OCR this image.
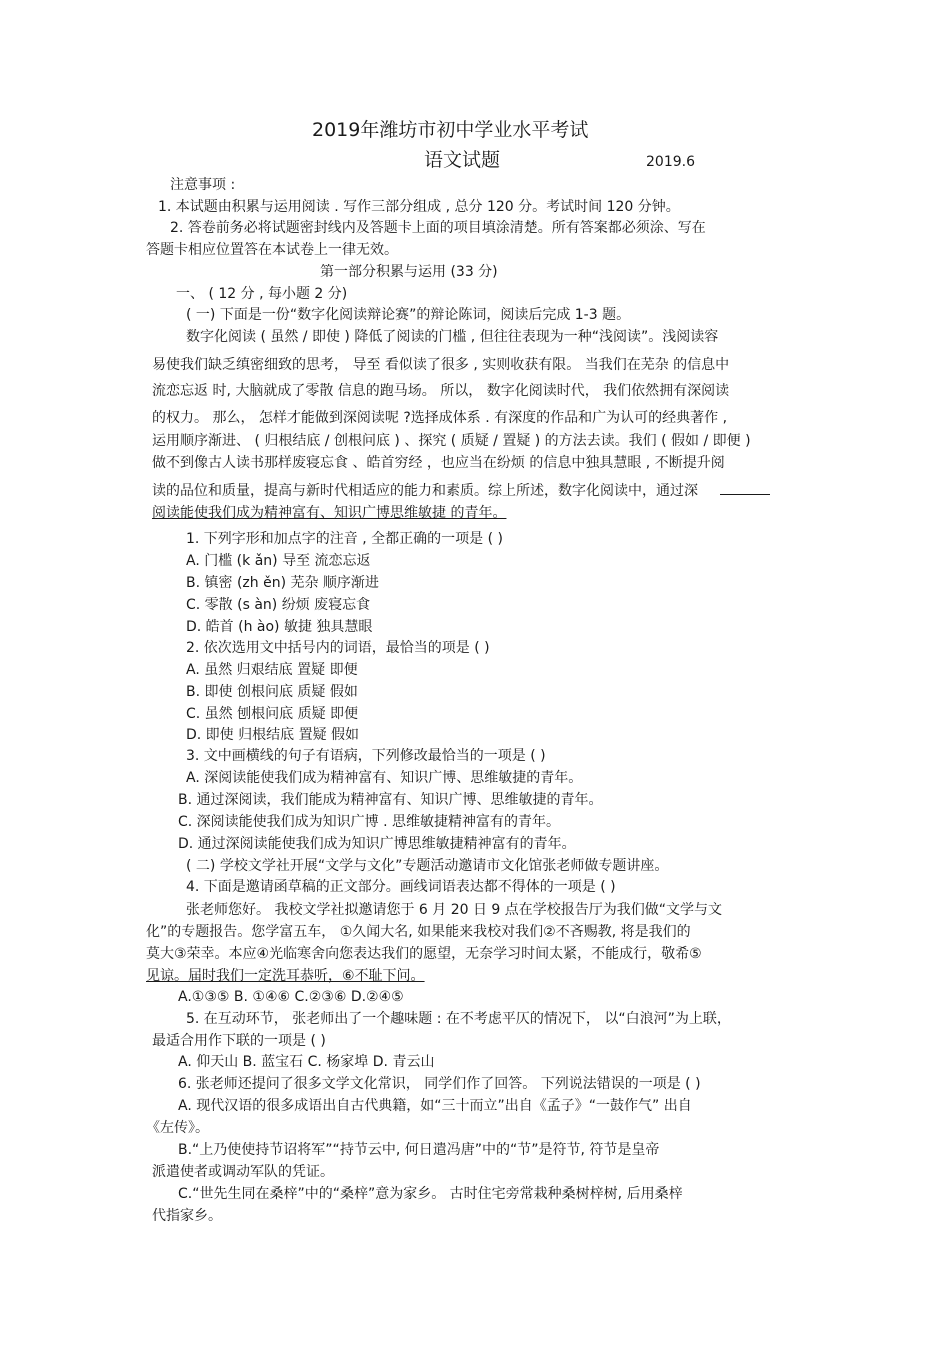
2019年潍坊市初中学业水平考试
语文试题	2019.6
注意事项 :
1. 本试题由积累与运用阅读 . 写作三部分组成 , 总分 120 分。考试时间 120 分钟。
2. 答卷前务必将试题密封线内及答题卡上面的项目填涂清楚。所有答案都必须涂、写在
答题卡相应位置答在本试卷上一律无效。
第一部分积累与运用 (33 分)
一、 ( 12 分 , 每小题 2 分)
( 一) 下面是一份“数字化阅读辩论赛”的辩论陈词，阅读后完成 1-3 题。
数字化阅读 ( 虽然 / 即使 ) 降低了阅读的门槛 , 但往往表现为一种“浅阅读”。浅阅读容
易使我们缺乏缜密细致的思考， 导至 看似读了很多 , 实则收获有限。 当我们在芜杂 的信息中
流恋忘返 时, 大脑就成了零散 信息的跑马场。 所以， 数字化阅读时代， 我们依然拥有深阅读
的权力。 那么， 怎样才能做到深阅读呢 ?选择成体系 . 有深度的作品和广为认可的经典著作 ,
运用顺序渐进、 ( 归根结底 / 创根问底 ) 、探究 ( 质疑 / 置疑 ) 的方法去读。我们 ( 假如 / 即便 )
做不到像古人读书那样废寝忘食 、皓首穷经 ，也应当在纷烦 的信息中独具慧眼 , 不断提升阅
读的品位和质量，提高与新时代相适应的能力和素质。综上所述，数字化阅读中，通过深
阅读能使我们成为精神富有、知识广博思维敏捷 的青年。
1. 下列字形和加点字的注音 , 全都正确的一项是 ( )
A. 门槛 (k ǎn) 导至 流恋忘返
B. 镇密 (zh ěn) 芜杂 顺序渐进
C. 零散 (s àn) 纷烦 废寝忘食
D. 皓首 (h ào) 敏捷 独具慧眼
2. 依次选用文中括号内的词语，最恰当的项是 ( )
A. 虽然 归艰结底 置疑 即便
B. 即使 创根问底 质疑 假如
C. 虽然 刨根问底 质疑 即便
D. 即使 归根结底 置疑 假如
3. 文中画横线的句子有语病，下列修改最恰当的一项是 ( )
A. 深阅读能使我们成为精神富有、知识广博、思维敏捷的青年。
B. 通过深阅读，我们能成为精神富有、知识广博、思维敏捷的青年。
C. 深阅读能使我们成为知识广博 . 思维敏捷精神富有的青年。
D. 通过深阅读能使我们成为知识广博思维敏捷精神富有的青年。
( 二) 学校文学社开展“文学与文化”专题活动邀请市文化馆张老师做专题讲座。
4. 下面是邀请函草稿的正文部分。画线词语表达都不得体的一项是 ( )
张老师您好。 我校文学社拟邀请您于 6 月 20 日 9 点在学校报告厅为我们做“文学与文
化”的专题报告。您学富五车， ①久闻大名, 如果能来我校对我们②不吝赐教, 将是我们的
莫大③荣幸。本应④光临寒舍向您表达我们的愿望，无奈学习时间太紧，不能成行，敬希⑤
见谅。届时我们一定洗耳恭听，⑥不耻下问。
A.①③⑤ B. ①④⑥ C.②③⑥ D.②④⑤
5. 在互动环节， 张老师出了一个趣味题 : 在不考虑平仄的情况下， 以“白浪河”为上联，
最适合用作下联的一项是 ( )
A. 仰天山 B. 蓝宝石 C. 杨家埠 D. 青云山
6. 张老师还提问了很多文学文化常识， 同学们作了回答。 下列说法错误的一项是 ( )
A. 现代汉语的很多成语出自古代典籍，如“三十而立”出自《孟子》“一鼓作气” 出自
《左传》。
B.“上乃使使持节诏将军”“持节云中, 何日遣冯唐”中的“节”是符节, 符节是皇帝
派遣使者或调动军队的凭证。
C.“世先生同在桑梓”中的“桑梓”意为家乡。 古时住宅旁常栽种桑树梓树, 后用桑梓
代指家乡。
